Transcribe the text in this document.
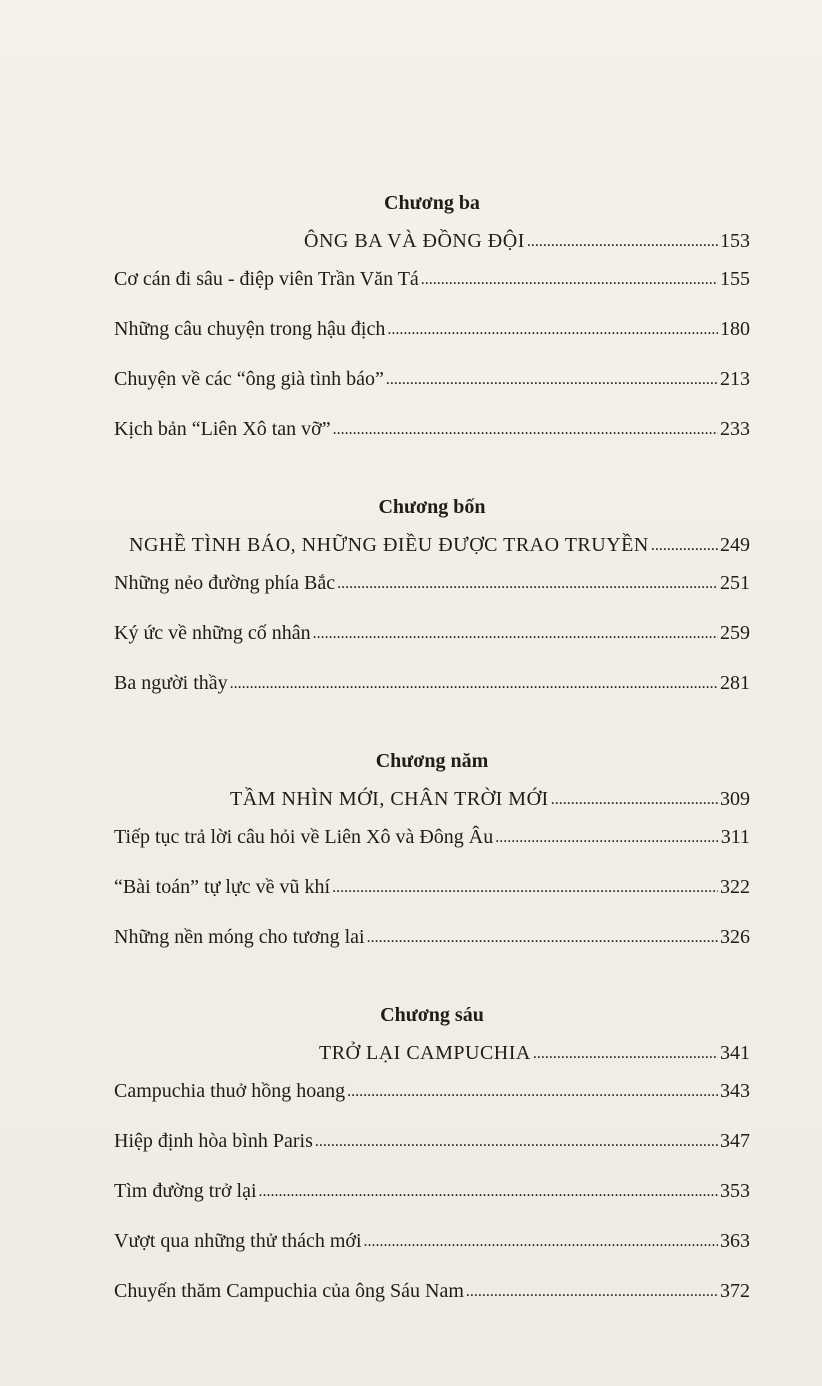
Chương ba
ÔNG BA VÀ ĐỒNG ĐỘI .....	153
Cơ cán đi sâu - điệp viên Trần Văn Tá .....	155
Những câu chuyện trong hậu địch .....	180
Chuyện về các “ông già tình báo” .....	213
Kịch bản “Liên Xô tan vỡ” .....	233
Chương bốn
NGHỀ TÌNH BÁO, NHỮNG ĐIỀU ĐƯỢC TRAO TRUYỀN .....	249
Những nẻo đường phía Bắc .....	251
Ký ức về những cố nhân .....	259
Ba người thầy .....	281
Chương năm
TẦM NHÌN MỚI, CHÂN TRỜI MỚI .....	309
Tiếp tục trả lời câu hỏi về Liên Xô và Đông Âu .....	311
“Bài toán” tự lực về vũ khí .....	322
Những nền móng cho tương lai .....	326
Chương sáu
TRỞ LẠI CAMPUCHIA .....	341
Campuchia thuở hồng hoang .....	343
Hiệp định hòa bình Paris .....	347
Tìm đường trở lại .....	353
Vượt qua những thử thách mới .....	363
Chuyến thăm Campuchia của ông Sáu Nam .....	372
